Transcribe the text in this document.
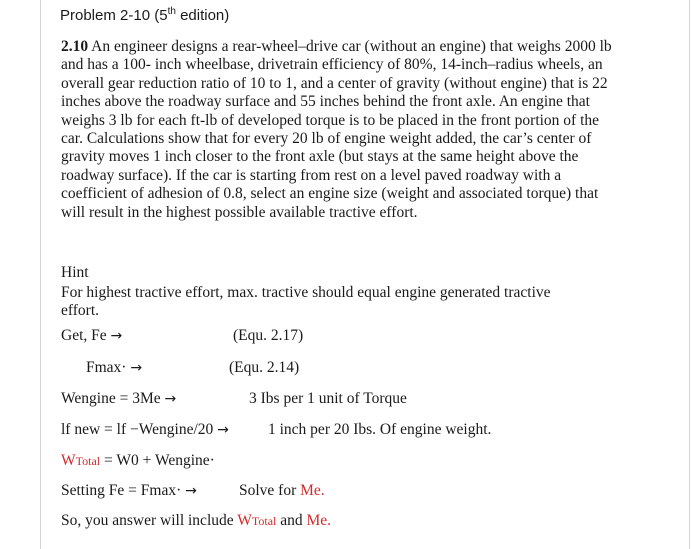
Problem 2-10 (5th edition)

2.10 An engineer designs a rear-wheel–drive car (without an engine) that weighs 2000 lb and has a 100- inch wheelbase, drivetrain efficiency of 80%, 14-inch–radius wheels, an overall gear reduction ratio of 10 to 1, and a center of gravity (without engine) that is 22 inches above the roadway surface and 55 inches behind the front axle. An engine that weighs 3 lb for each ft-lb of developed torque is to be placed in the front portion of the car. Calculations show that for every 20 lb of engine weight added, the car’s center of gravity moves 1 inch closer to the front axle (but stays at the same height above the roadway surface). If the car is starting from rest on a level paved roadway with a coefficient of adhesion of 0.8, select an engine size (weight and associated torque) that will result in the highest possible available tractive effort.

Hint
For highest tractive effort, max. tractive should equal engine generated tractive
effort.
Get, Fe →	(Equ. 2.17)
Fmax· →	(Equ. 2.14)
Wengine = 3Me →	3 Ibs per 1 unit of Torque
lf new = lf −Wengine/20 →	1 inch per 20 Ibs. Of engine weight.
WTotal = W0 + Wengine·
Setting Fe = Fmax· →	Solve for Me.
So, you answer will include WTotal and Me.
